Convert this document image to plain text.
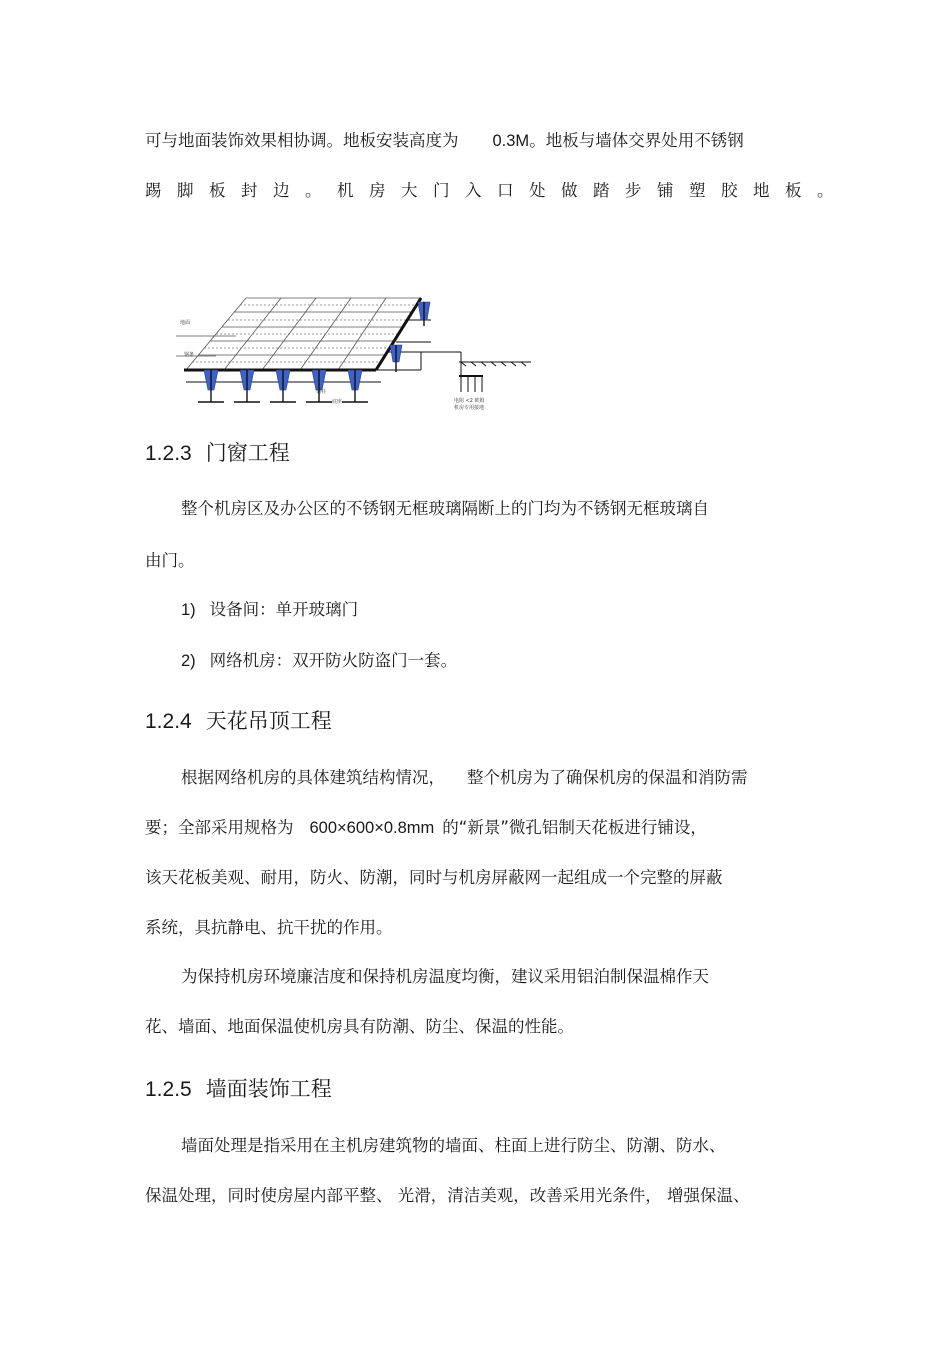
可与地面装饰效果相协调。地板安装高度为 0.3M。地板与墙体交界处用不锈钢

踢脚板封边。机房大门入口处做踏步铺塑胶地板。

地面
钢条
钢柱
底座	电阻 <2 欧姆
机房专用接地
1.2.3 门窗工程

整个机房区及办公区的不锈钢无框玻璃隔断上的门均为不锈钢无框玻璃自

由门。

1) 设备间：单开玻璃门

2) 网络机房：双开防火防盗门一套。

1.2.4 天花吊顶工程

根据网络机房的具体建筑结构情况， 整个机房为了确保机房的保温和消防需

要；全部采用规格为 600×600×0.8mm 的“新景”微孔铝制天花板进行铺设，

该天花板美观、耐用，防火、防潮，同时与机房屏蔽网一起组成一个完整的屏蔽

系统，具抗静电、抗干扰的作用。

为保持机房环境廉洁度和保持机房温度均衡，建议采用铝泊制保温棉作天

花、墙面、地面保温使机房具有防潮、防尘、保温的性能。

1.2.5 墙面装饰工程

墙面处理是指采用在主机房建筑物的墙面、柱面上进行防尘、防潮、防水、

保温处理，同时使房屋内部平整、 光滑，清洁美观，改善采用光条件， 增强保温、
